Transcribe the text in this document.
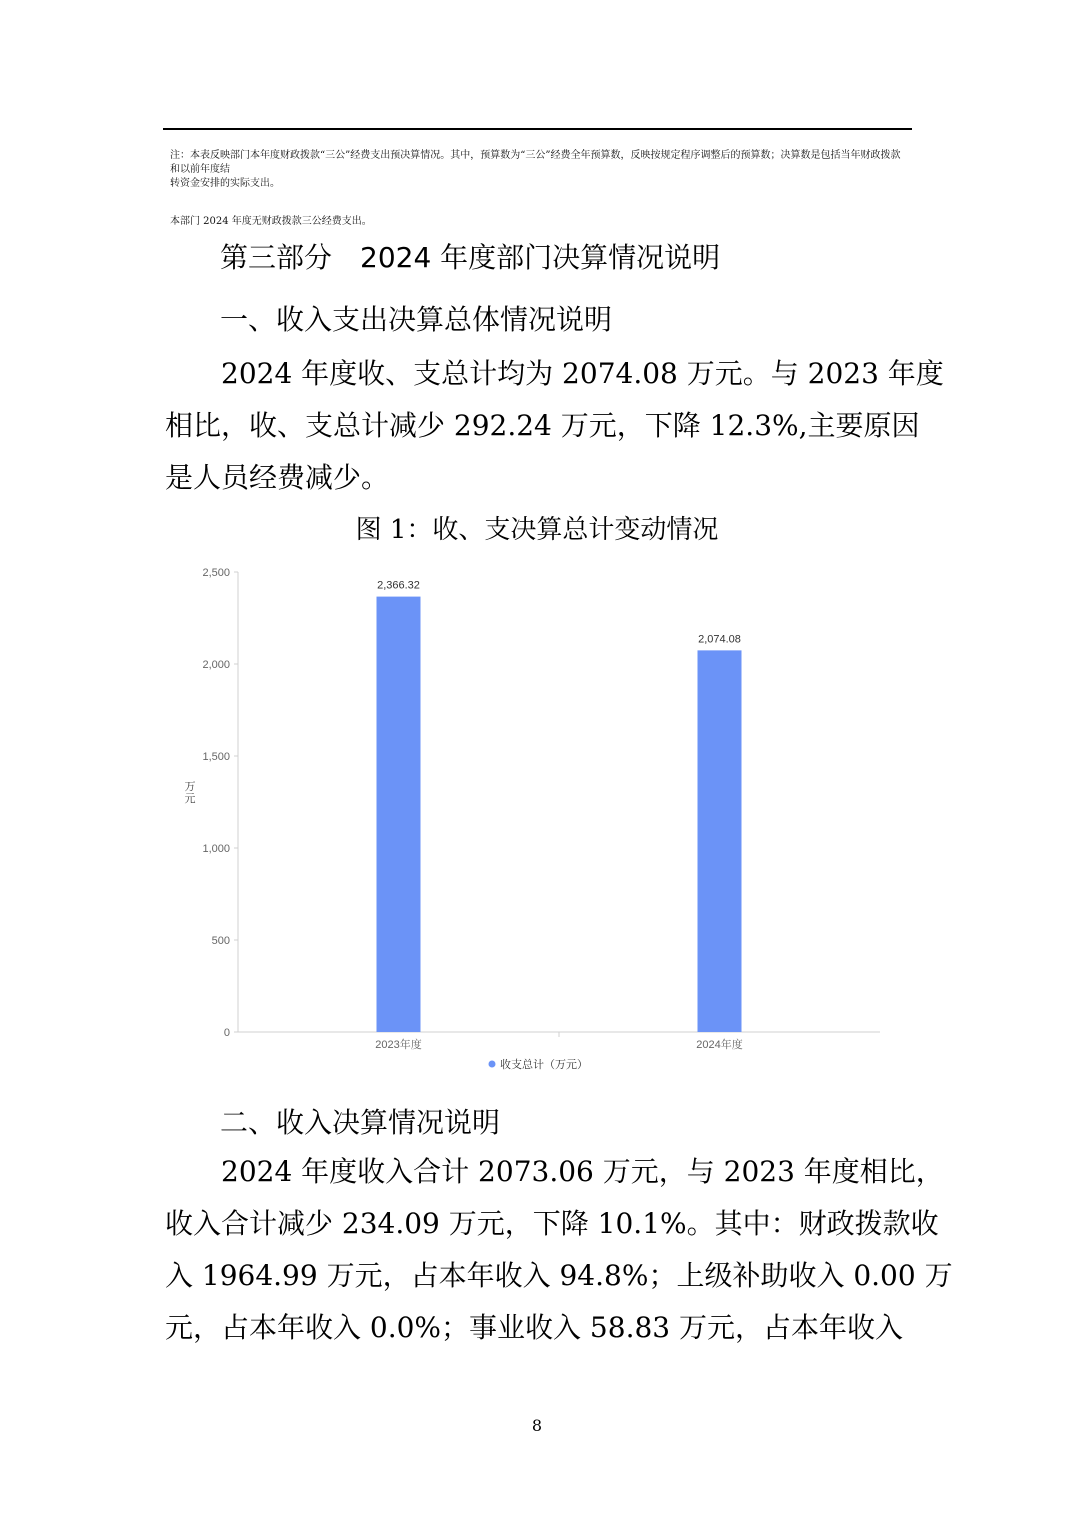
注：本表反映部门本年度财政拨款“三公”经费支出预决算情况。其中，预算数为“三公”经费全年预算数，反映按规定程序调整后的预算数；决算数是包括当年财政拨款和以前年度结
转资金安排的实际支出。
本部门 2024 年度无财政拨款三公经费支出。
第三部分　2024 年度部门决算情况说明
一、收入支出决算总体情况说明
2024 年度收、支总计均为 2074.08 万元。与 2023 年度
相比，收、支总计减少 292.24 万元，下降 12.3%,主要原因
是人员经费减少。
图 1：收、支决算总计变动情况
0
500
1,000
1,500
2,000
2,500
万
元
2,366.32
2023年度
2,074.08
2024年度
收支总计（万元）
二、收入决算情况说明
2024 年度收入合计 2073.06 万元，与 2023 年度相比，
收入合计减少 234.09 万元，下降 10.1%。其中：财政拨款收
入 1964.99 万元，占本年收入 94.8%；上级补助收入 0.00 万
元，占本年收入 0.0%；事业收入 58.83 万元，占本年收入
8
